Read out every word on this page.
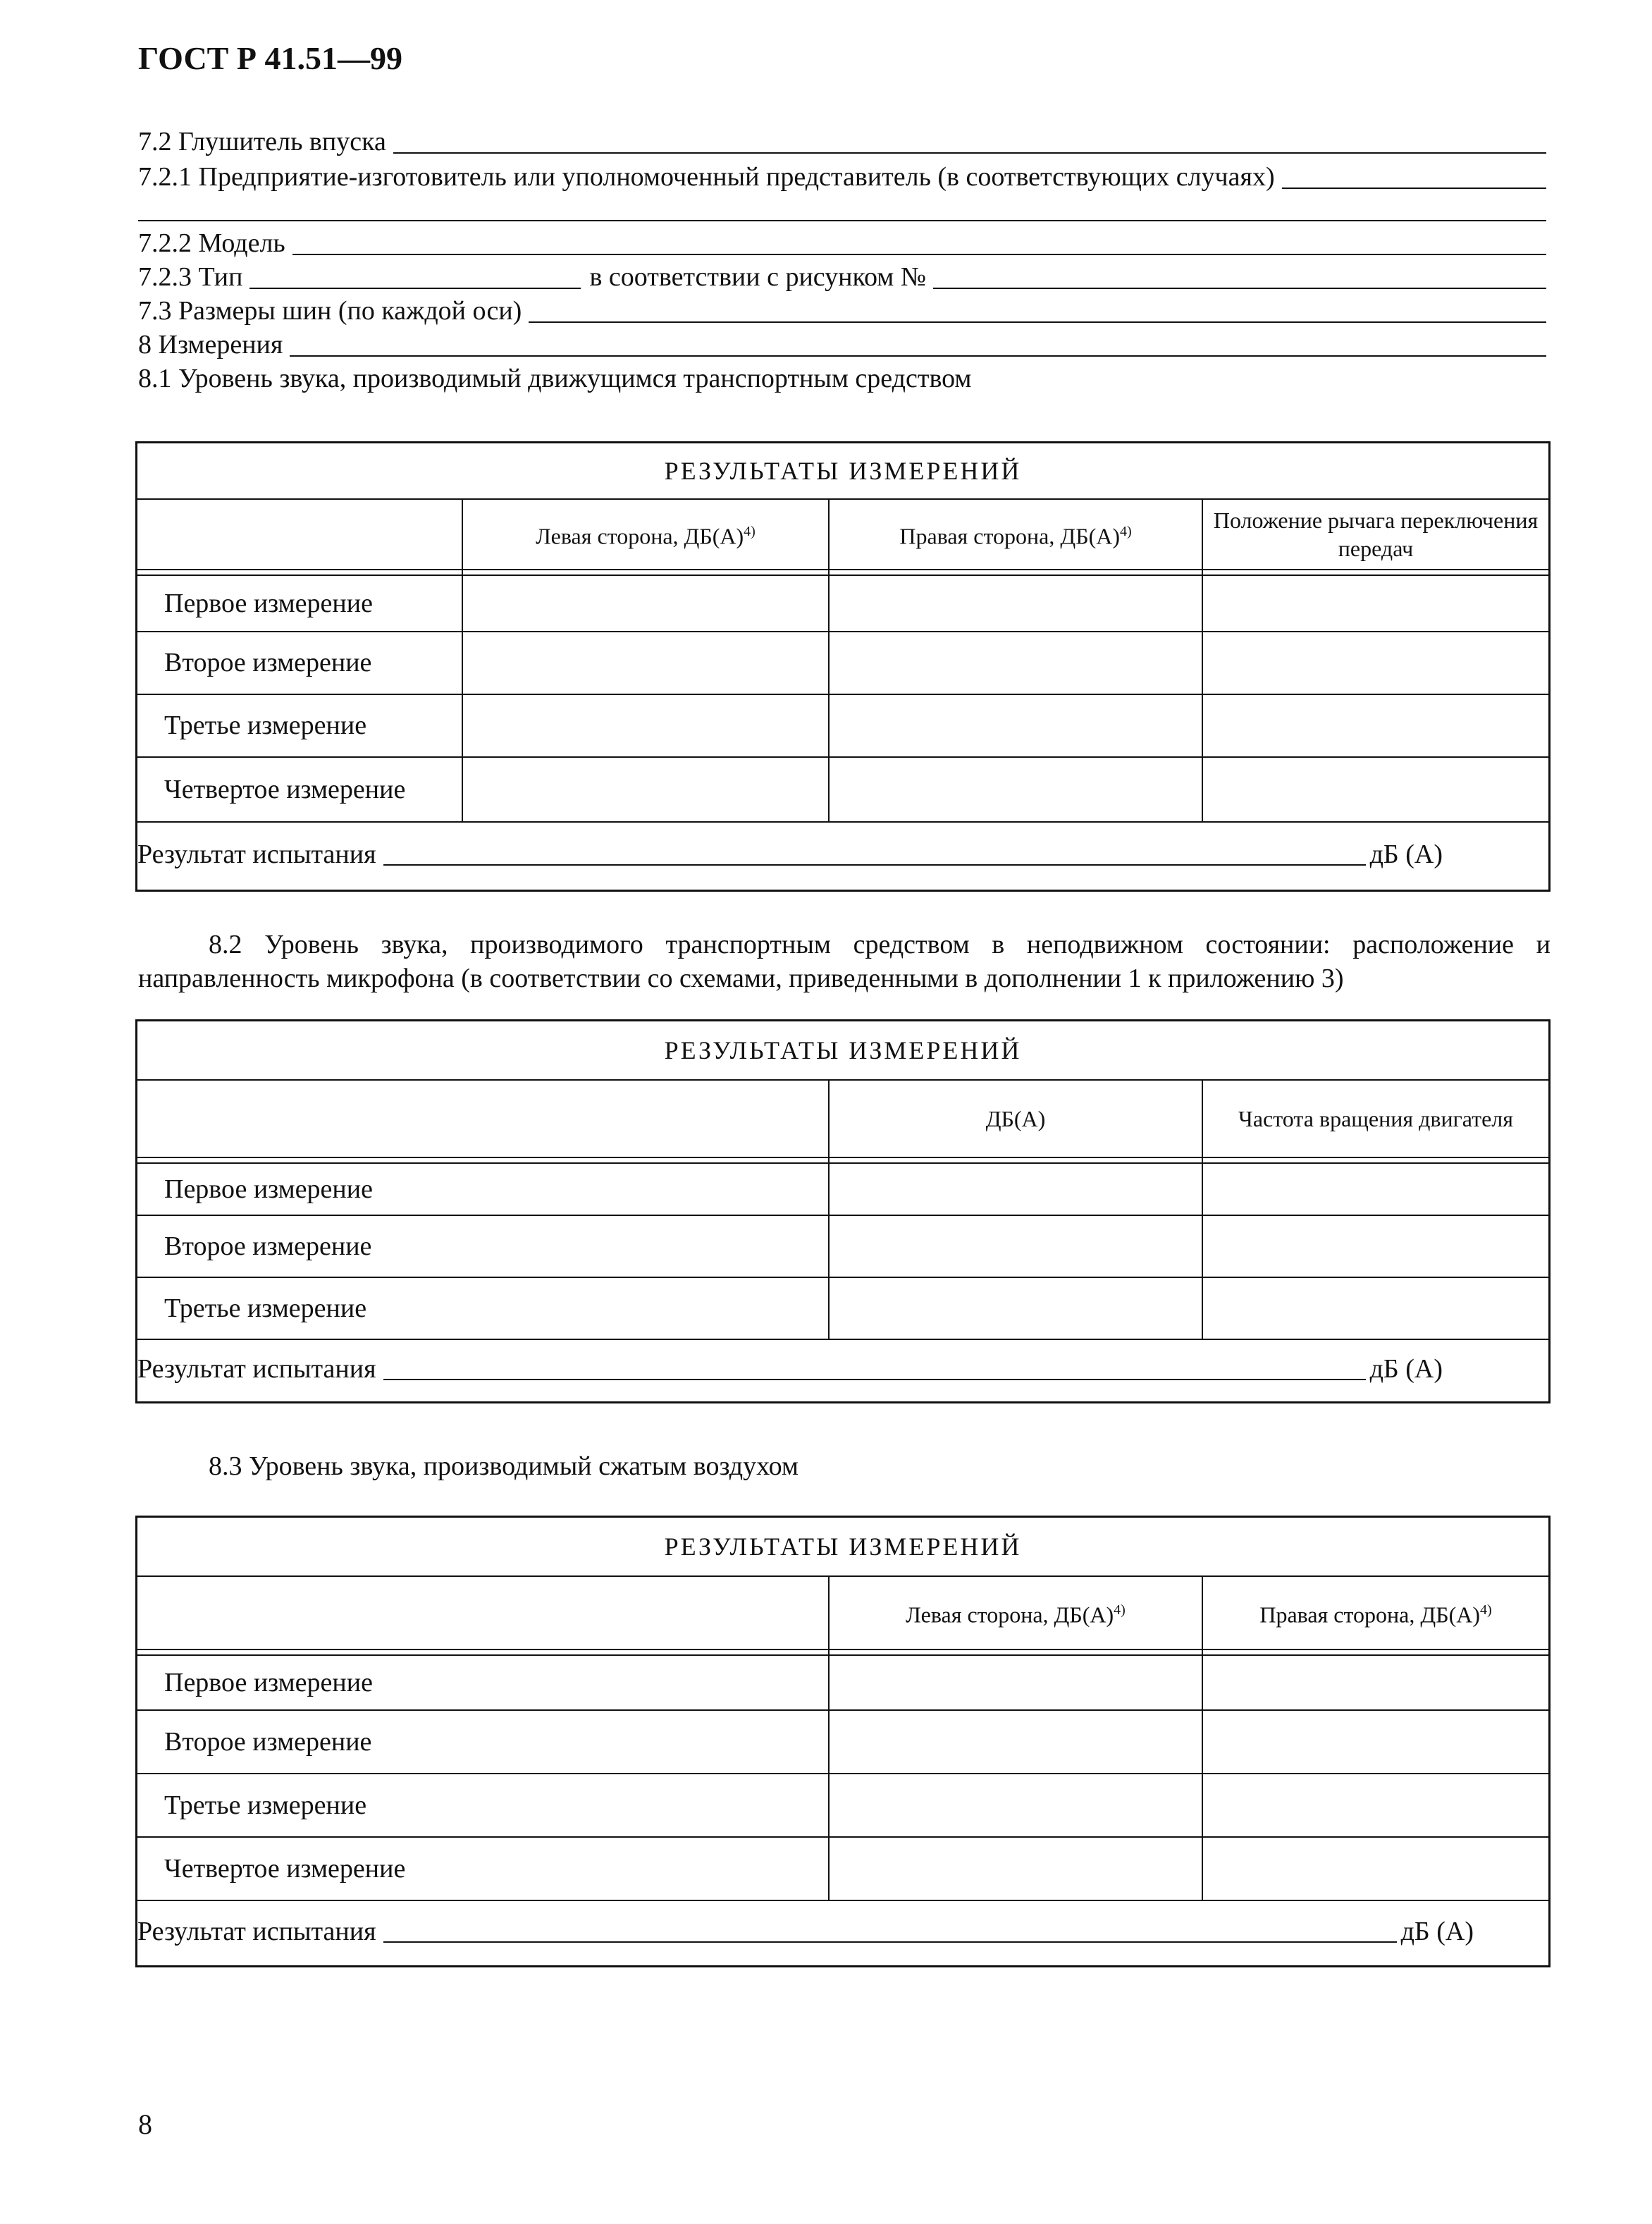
ГОСТ Р 41.51—99
7.2 Глушитель впуска
7.2.1 Предприятие-изготовитель или уполномоченный представитель (в соответствующих случаях)
7.2.2 Модель
7.2.3 Тип	в соответствии с рисунком №
7.3 Размеры шин (по каждой оси)
8 Измерения
8.1 Уровень звука, производимый движущимся транспортным средством
РЕЗУЛЬТАТЫ ИЗМЕРЕНИЙ			
	Левая сторона, $ДБ(А)^{4)}$	Правая сторона, $ДБ(А)^{4)}$	Положение рычага переключения передач

Первое измерение			
Второе измерение			
Третье измерение			
Четвертое измерение			

Результат испытания дБ (А)			
8.2 Уровень звука, производимого транспортным средством в неподвижном состоянии: расположение и направленность микрофона (в соответствии со схемами, приведенными в дополнении 1 к приложению 3)
РЕЗУЛЬТАТЫ ИЗМЕРЕНИЙ		
	ДБ(А)	Частота вращения двигателя

Первое измерение		
Второе измерение		
Третье измерение		

Результат испытания дБ (А)		
8.3 Уровень звука, производимый сжатым воздухом
РЕЗУЛЬТАТЫ ИЗМЕРЕНИЙ		
	Левая сторона, $ДБ(А)^{4)}$	Правая сторона, $ДБ(А)^{4)}$

Первое измерение		
Второе измерение		
Третье измерение		
Четвертое измерение		

Результат испытания дБ (А)		
8
